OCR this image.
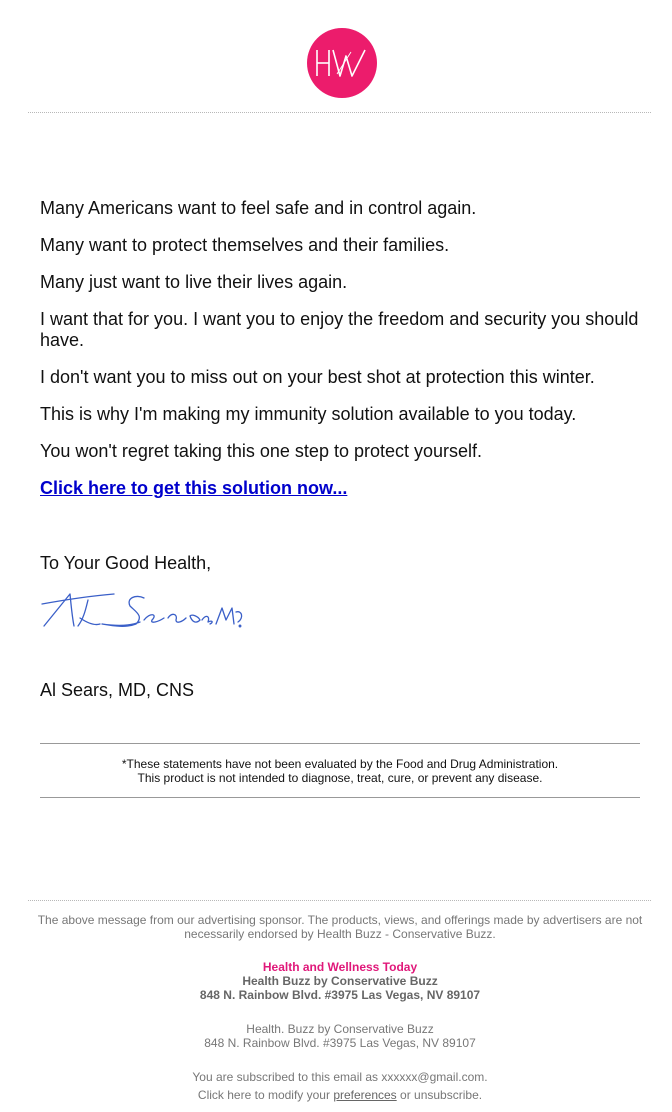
Many Americans want to feel safe and in control again.

Many want to protect themselves and their families.

Many just want to live their lives again.

I want that for you. I want you to enjoy the freedom and security you should have.

I don't want you to miss out on your best shot at protection this winter.

This is why I'm making my immunity solution available to you today.

You won't regret taking this one step to protect yourself.

Click here to get this solution now...
To Your Good Health,
Al Sears, MD, CNS
*These statements have not been evaluated by the Food and Drug Administration.
This product is not intended to diagnose, treat, cure, or prevent any disease.
The above message from our advertising sponsor. The products, views, and offerings made by advertisers are not necessarily endorsed by Health Buzz - Conservative Buzz.
Health and Wellness Today
Health Buzz by Conservative Buzz
848 N. Rainbow Blvd. #3975 Las Vegas, NV 89107
Health. Buzz by Conservative Buzz
848 N. Rainbow Blvd. #3975 Las Vegas, NV 89107
You are subscribed to this email as xxxxxx@gmail.com.
Click here to modify your preferences or unsubscribe.
